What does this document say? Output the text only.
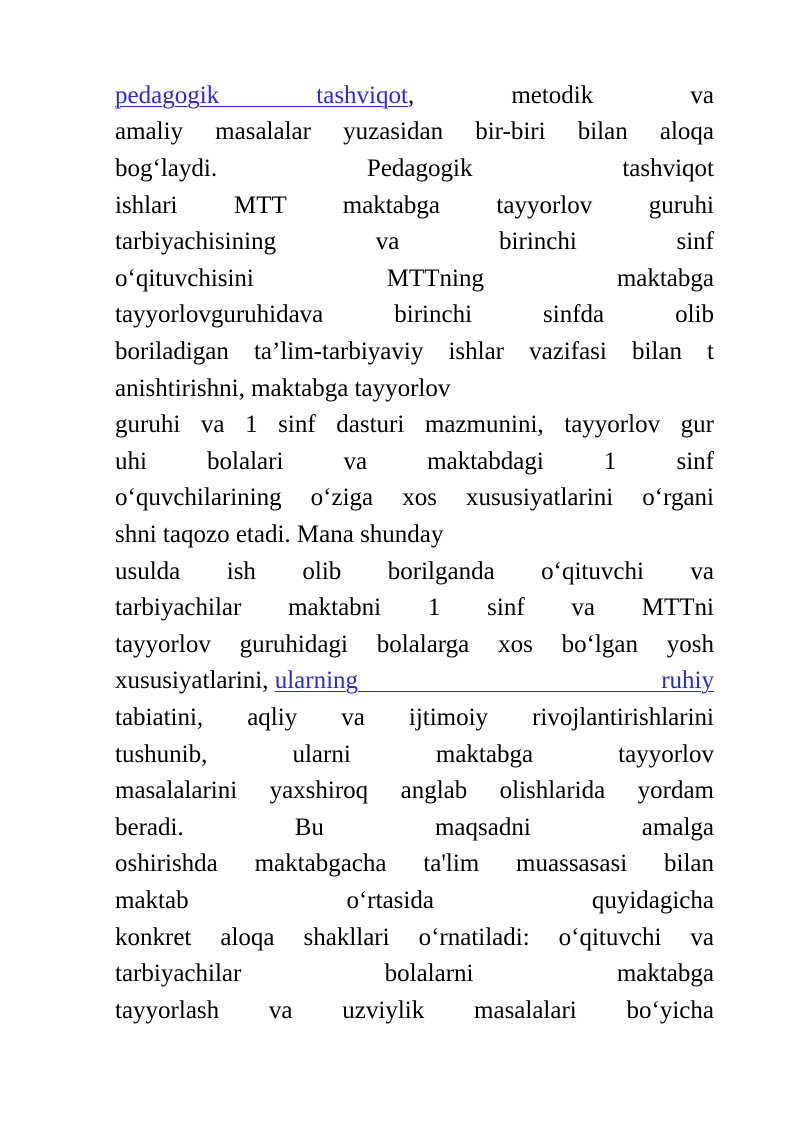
pedagogik tashviqot, metodik va
amaliy masalalar yuzasidan bir-biri bilan aloqa
bog‘laydi. Pedagogik tashviqot
ishlari MTT maktabga tayyorlov guruhi
tarbiyachisining va birinchi sinf
o‘qituvchisini MTTning maktabga
tayyorlovguruhidava birinchi sinfda olib
boriladigan ta’lim-tarbiyaviy ishlar vazifasi bilan t
anishtirishni, maktabga tayyorlov
guruhi va 1 sinf dasturi mazmunini, tayyorlov gur
uhi bolalari va maktabdagi 1 sinf
o‘quvchilarining o‘ziga xos xususiyatlarini o‘rgani
shni taqozo etadi. Mana shunday
usulda ish olib borilganda o‘qituvchi va
tarbiyachilar maktabni 1 sinf va MTTni
tayyorlov guruhidagi bolalarga xos bo‘lgan yosh
xususiyatlarini, ularning ruhiy
tabiatini, aqliy va ijtimoiy rivojlantirishlarini
tushunib, ularni maktabga tayyorlov
masalalarini yaxshiroq anglab olishlarida yordam
beradi. Bu maqsadni amalga
oshirishda maktabgacha ta'lim muassasasi bilan
maktab o‘rtasida quyidagicha
konkret aloqa shakllari o‘rnatiladi: o‘qituvchi va
tarbiyachilar bolalarni maktabga
tayyorlash va uzviylik masalalari bo‘yicha
